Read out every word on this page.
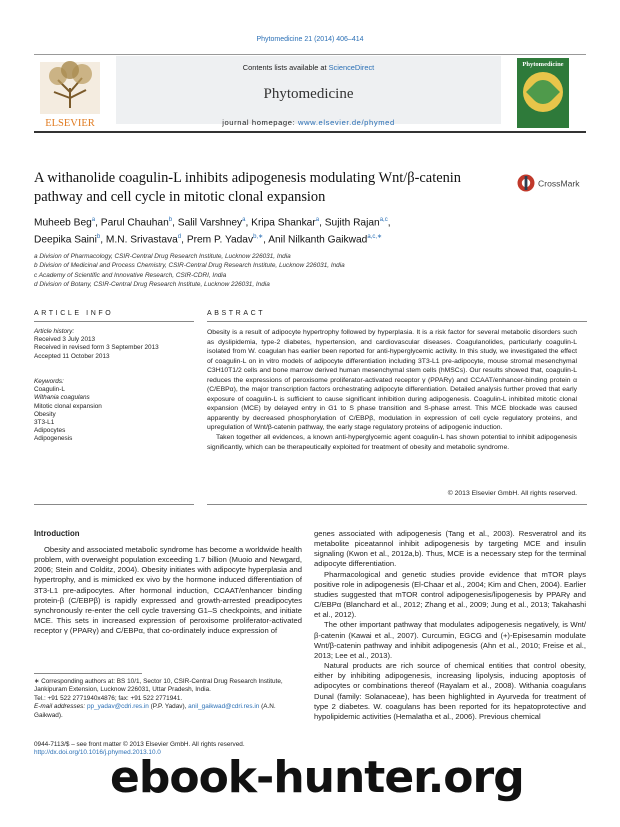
Phytomedicine 21 (2014) 406–414
ELSEVIER
Contents lists available at ScienceDirect
Phytomedicine
journal homepage: www.elsevier.de/phymed
Phytomedicine
A withanolide coagulin-L inhibits adipogenesis modulating Wnt/β-catenin pathway and cell cycle in mitotic clonal expansion
CrossMark
Muheeb Beg$^a$, Parul Chauhan$^b$, Salil Varshney$^a$, Kripa Shankar$^a$, Sujith Rajan$^{a,c}$,
Deepika Saini$^b$, M.N. Srivastava$^d$, Prem P. Yadav$^{b,∗}$, Anil Nilkanth Gaikwad$^{a,c,∗}$
a Division of Pharmacology, CSIR-Central Drug Research Institute, Lucknow 226031, India
b Division of Medicinal and Process Chemistry, CSIR-Central Drug Research Institute, Lucknow 226031, India
c Academy of Scientific and Innovative Research, CSIR-CDRI, India
d Division of Botany, CSIR-Central Drug Research Institute, Lucknow 226031, India
ARTICLE INFO	ABSTRACT
Article history:
Received 3 July 2013
Received in revised form 3 September 2013
Accepted 11 October 2013
Keywords:
Coagulin-L
Withania coagulans
Mitotic clonal expansion
Obesity
3T3-L1
Adipocytes
Adipogenesis

Obesity is a result of adipocyte hypertrophy followed by hyperplasia. It is a risk factor for several metabolic disorders such as dyslipidemia, type-2 diabetes, hypertension, and cardiovascular diseases. Coagulanolides, particularly coagulin-L isolated from W. coagulan has earlier been reported for anti-hyperglycemic activity. In this study, we investigated the effect of coagulin-L on in vitro models of adipocyte differentiation including 3T3-L1 pre-adipocyte, mouse stromal mesenchymal C3H10T1/2 cells and bone marrow derived human mesenchymal stem cells (hMSCs). Our results showed that, coagulin-L reduces the expressions of peroxisome proliferator-activated receptor γ (PPARγ) and CCAAT/enhancer-binding protein α (C/EBPα), the major transcription factors orchestrating adipocyte differentiation. Detailed analysis further proved that early exposure of coagulin-L is sufficient to cause significant inhibition during adipogenesis. Coagulin-L inhibited mitotic clonal expansion (MCE) by delayed entry in G1 to S phase transition and S-phase arrest. This MCE blockade was caused apparently by decreased phosphorylation of C/EBPβ, modulation in expression of cell cycle regulatory proteins, and upregulation of Wnt/β-catenin pathway, the early stage regulatory proteins of adipogenic induction.

Taken together all evidences, a known anti-hyperglycemic agent coagulin-L has shown potential to inhibit adipogenesis significantly, which can be therapeutically exploited for treatment of obesity and metabolic syndrome.

© 2013 Elsevier GmbH. All rights reserved.
Introduction

Obesity and associated metabolic syndrome has become a worldwide health problem, with overweight population exceeding 1.7 billion (Muoio and Newgard, 2006; Stein and Colditz, 2004). Obesity initiates with adipocyte hyperplasia and hypertrophy, and is mimicked ex vivo by the hormone induced differentiation of 3T3-L1 pre-adipocytes. After hormonal induction, CCAAT/enhancer binding protein-β (C/EBPβ) is rapidly expressed and growth-arrested preadipocytes synchronously re-enter the cell cycle traversing G1–S checkpoints, and initiate MCE. This sets in increased expression of peroxisome proliferator-activated receptor γ (PPARγ) and C/EBPα, that co-ordinately induce expression of

genes associated with adipogenesis (Tang et al., 2003). Resveratrol and its metabolite piceatannol inhibit adipogenesis by targeting MCE and insulin signaling (Kwon et al., 2012a,b). Thus, MCE is a necessary step for the terminal adipocyte differentiation.

Pharmacological and genetic studies provide evidence that mTOR plays positive role in adipogenesis (El-Chaar et al., 2004; Kim and Chen, 2004). Earlier studies suggested that mTOR control adipogenesis/lipogenesis by PPARγ and C/EBPα (Blanchard et al., 2012; Zhang et al., 2009; Jung et al., 2013; Takahashi et al., 2012).

The other important pathway that modulates adipogenesis negatively, is Wnt/β-catenin (Kawai et al., 2007). Curcumin, EGCG and (+)-Episesamin modulate Wnt/β-catenin pathway and inhibit adipogenesis (Ahn et al., 2010; Freise et al., 2013; Lee et al., 2013).

Natural products are rich source of chemical entities that control obesity, either by inhibiting adipogenesis, increasing lipolysis, inducing apoptosis of adipocytes or combinations thereof (Rayalam et al., 2008). Withania coagulans Dunal (family: Solanaceae), has been highlighted in Ayurveda for treatment of type 2 diabetes. W. coagulans has been reported for its hepatoprotective and hypolipidemic activities (Hemalatha et al., 2006). Previous chemical

∗ Corresponding authors at: BS 10/1, Sector 10, CSIR-Central Drug Research Institute, Jankipuram Extension, Lucknow 226031, Uttar Pradesh, India.
Tel.: +91 522 2771940x4876; fax: +91 522 2771941.
E-mail addresses: pp_yadav@cdri.res.in (P.P. Yadav), anil_gaikwad@cdri.res.in (A.N. Gaikwad).
0944-7113/$ – see front matter © 2013 Elsevier GmbH. All rights reserved.
http://dx.doi.org/10.1016/j.phymed.2013.10.0
ebook-hunter.org
